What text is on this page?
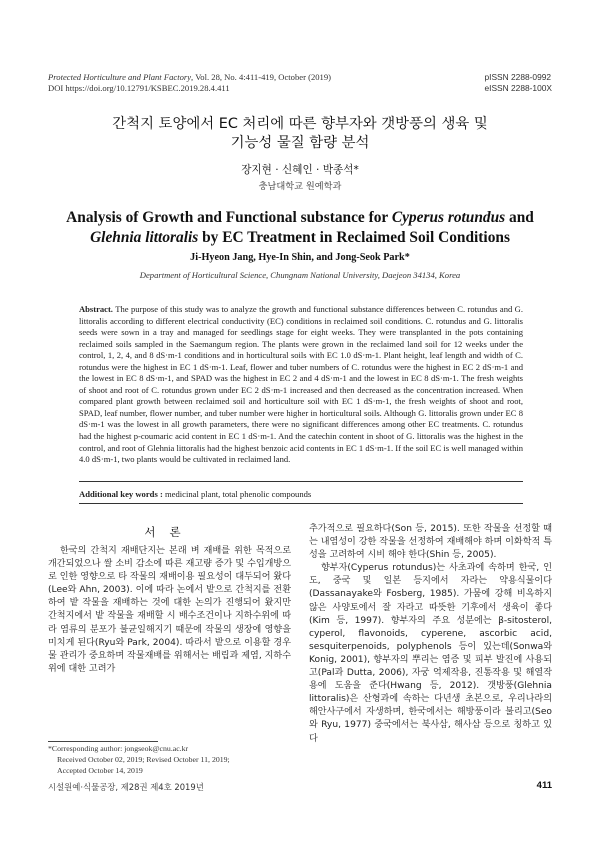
Protected Horticulture and Plant Factory, Vol. 28, No. 4:411-419, October (2019)
DOI https://doi.org/10.12791/KSBEC.2019.28.4.411
pISSN 2288-0992
eISSN 2288-100X
간척지 토양에서 EC 처리에 따른 향부자와 갯방풍의 생육 및
기능성 물질 함량 분석
장지현 · 신혜인 · 박종석*
충남대학교 원예학과
Analysis of Growth and Functional substance for Cyperus rotundus and
Glehnia littoralis by EC Treatment in Reclaimed Soil Conditions
Ji-Hyeon Jang, Hye-In Shin, and Jong-Seok Park*
Department of Horticultural Science, Chungnam National University, Daejeon 34134, Korea
Abstract. The purpose of this study was to analyze the growth and functional substance differences between C. rotundus and G. littoralis according to different electrical conductivity (EC) conditions in reclaimed soil conditions. C. rotundus and G. littoralis seeds were sown in a tray and managed for seedlings stage for eight weeks. They were transplanted in the pots containing reclaimed soils sampled in the Saemangum region. The plants were grown in the reclaimed land soil for 12 weeks under the control, 1, 2, 4, and 8 dS·m-1 conditions and in horticultural soils with EC 1.0 dS·m-1. Plant height, leaf length and width of C. rotundus were the highest in EC 1 dS·m-1. Leaf, flower and tuber numbers of C. rotundus were the highest in EC 2 dS·m-1 and the lowest in EC 8 dS·m-1, and SPAD was the highest in EC 2 and 4 dS·m-1 and the lowest in EC 8 dS·m-1. The fresh weights of shoot and root of C. rotundus grown under EC 2 dS·m-1 increased and then decreased as the concentration increased. When compared plant growth between reclaimed soil and horticulture soil with EC 1 dS·m-1, the fresh weights of shoot and root, SPAD, leaf number, flower number, and tuber number were higher in horticultural soils. Although G. littoralis grown under EC 8 dS·m-1 was the lowest in all growth parameters, there were no significant differences among other EC treatments. C. rotundus had the highest p-coumaric acid content in EC 1 dS·m-1. And the catechin content in shoot of G. littoralis was the highest in the control, and root of Glehnia littoralis had the highest benzoic acid contents in EC 1 dS·m-1. If the soil EC is well managed within 4.0 dS·m-1, two plants would be cultivated in reclaimed land.
Additional key words : medicinal plant, total phenolic compounds
서론

한국의 간척지 재배단지는 본래 벼 재배를 위한 목적으로 개간되었으나 쌀 소비 감소에 따른 재고량 증가 및 수입개방으로 인한 영향으로 타 작물의 재배이용 필요성이 대두되어 왔다(Lee와 Ahn, 2003). 이에 따라 논에서 밭으로 간척지를 전환하여 밭 작물을 재배하는 것에 대한 논의가 진행되어 왔지만 간척지에서 밭 작물을 재배할 시 배수조건이나 지하수위에 따라 염류의 분포가 불균일해지기 때문에 작물의 생장에 영향을 미치게 된다(Ryu와 Park, 2004). 따라서 밭으로 이용할 경우 물 관리가 중요하며 작물재배를 위해서는 배립과 제염, 지하수위에 대한 고려가

추가적으로 필요하다(Son 등, 2015). 또한 작물을 선정할 때는 내염성이 강한 작물을 선정하여 재배해야 하며 이화학적 특성을 고려하여 시비 해야 한다(Shin 등, 2005).

향부자(Cyperus rotundus)는 사초과에 속하며 한국, 인도, 중국 및 일본 등지에서 자라는 약용식물이다(Dassanayake와 Fosberg, 1985). 가뭄에 강해 비옥하지 않은 사양토에서 잘 자라고 따뜻한 기후에서 생육이 좋다(Kim 등, 1997). 향부자의 주요 성분에는 β-sitosterol, cyperol, flavonoids, cyperene, ascorbic acid, sesquiterpenoids, polyphenols 등이 있는데(Sonwa와 Konig, 2001), 향부자의 뿌리는 염증 및 피부 발진에 사용되고(Pal과 Dutta, 2006), 자궁 억제작용, 진통작용 및 해열작용에 도움을 준다(Hwang 등, 2012). 갯방풍(Glehnia littoralis)은 산형과에 속하는 다년생 초본으로, 우리나라의 해안사구에서 자생하며, 한국에서는 해방풍이라 불리고(Seo와 Ryu, 1977) 중국에서는 북사삼, 해사삼 등으로 칭하고 있다

*Corresponding author: jongseok@cnu.ac.kr
Received October 02, 2019; Revised October 11, 2019;
Accepted October 14, 2019
시설원예·식물공장, 제28권 제4호 2019년	411
